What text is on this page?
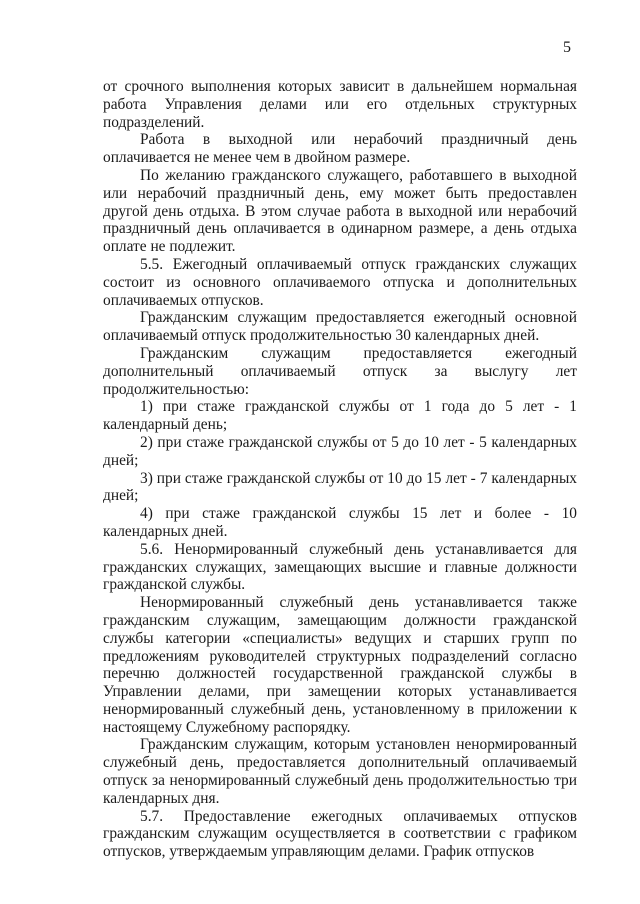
5

от срочного выполнения которых зависит в дальнейшем нормальная работа Управления делами или его отдельных структурных подразделений.

Работа в выходной или нерабочий праздничный день оплачивается не менее чем в двойном размере.

По желанию гражданского служащего, работавшего в выходной или нерабочий праздничный день, ему может быть предоставлен другой день отдыха. В этом случае работа в выходной или нерабочий праздничный день оплачивается в одинарном размере, а день отдыха оплате не подлежит.

5.5. Ежегодный оплачиваемый отпуск гражданских служащих состоит из основного оплачиваемого отпуска и дополнительных оплачиваемых отпусков.

Гражданским служащим предоставляется ежегодный основной оплачиваемый отпуск продолжительностью 30 календарных дней.

Гражданским служащим предоставляется ежегодный дополнительный оплачиваемый отпуск за выслугу лет продолжительностью:

1) при стаже гражданской службы от 1 года до 5 лет - 1 календарный день;

2) при стаже гражданской службы от 5 до 10 лет - 5 календарных дней;

3) при стаже гражданской службы от 10 до 15 лет - 7 календарных дней;

4) при стаже гражданской службы 15 лет и более - 10 календарных дней.

5.6. Ненормированный служебный день устанавливается для гражданских служащих, замещающих высшие и главные должности гражданской службы.

Ненормированный служебный день устанавливается также гражданским служащим, замещающим должности гражданской службы категории «специалисты» ведущих и старших групп по предложениям руководителей структурных подразделений согласно перечню должностей государственной гражданской службы в Управлении делами, при замещении которых устанавливается ненормированный служебный день, установленному в приложении к настоящему Служебному распорядку.

Гражданским служащим, которым установлен ненормированный служебный день, предоставляется дополнительный оплачиваемый отпуск за ненормированный служебный день продолжительностью три календарных дня.

5.7. Предоставление ежегодных оплачиваемых отпусков гражданским служащим осуществляется в соответствии с графиком отпусков, утверждаемым управляющим делами. График отпусков
